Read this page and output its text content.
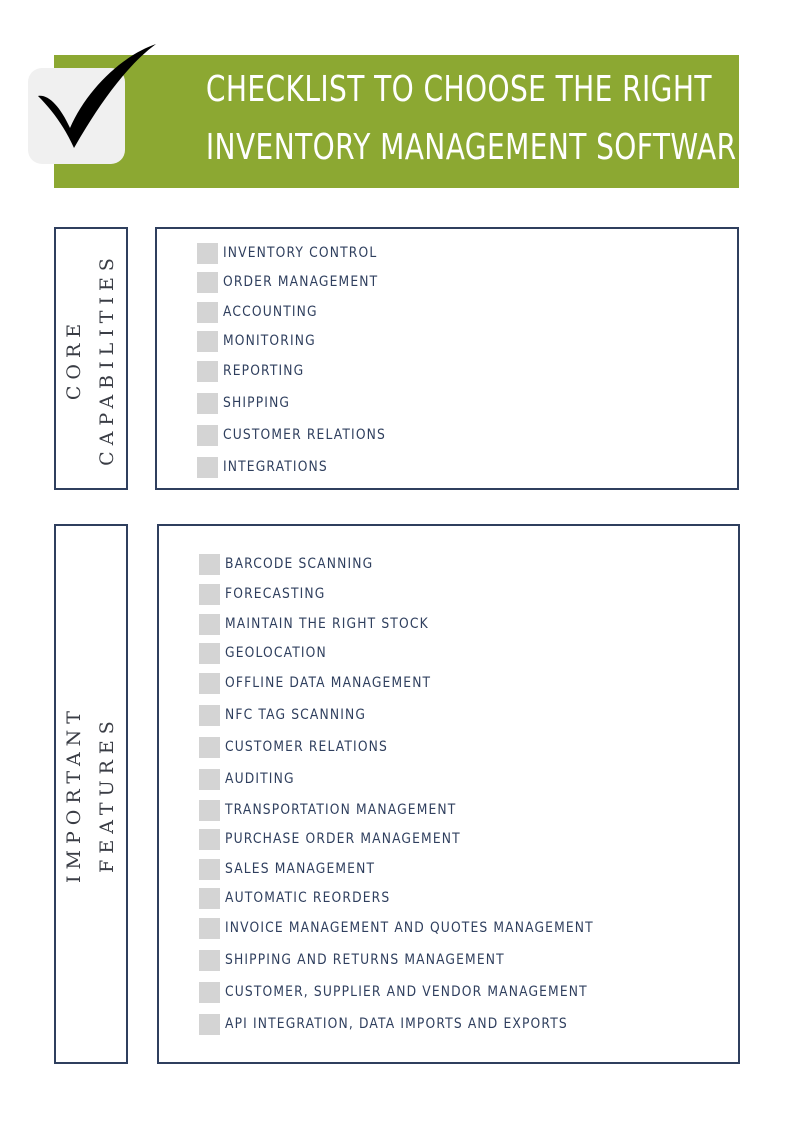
CHECKLIST TO CHOOSE THE RIGHT
INVENTORY MANAGEMENT SOFTWARE
CORE CAPABILITIES	INVENTORY CONTROL
ORDER MANAGEMENT
ACCOUNTING
MONITORING
REPORTING
SHIPPING
CUSTOMER RELATIONS
INTEGRATIONS
IMPORTANT FEATURES
BARCODE SCANNING
FORECASTING
MAINTAIN THE RIGHT STOCK
GEOLOCATION
OFFLINE DATA MANAGEMENT
NFC TAG SCANNING
CUSTOMER RELATIONS
AUDITING
TRANSPORTATION MANAGEMENT
PURCHASE ORDER MANAGEMENT
SALES MANAGEMENT
AUTOMATIC REORDERS
INVOICE MANAGEMENT AND QUOTES MANAGEMENT
SHIPPING AND RETURNS MANAGEMENT
CUSTOMER, SUPPLIER AND VENDOR MANAGEMENT
API INTEGRATION, DATA IMPORTS AND EXPORTS
